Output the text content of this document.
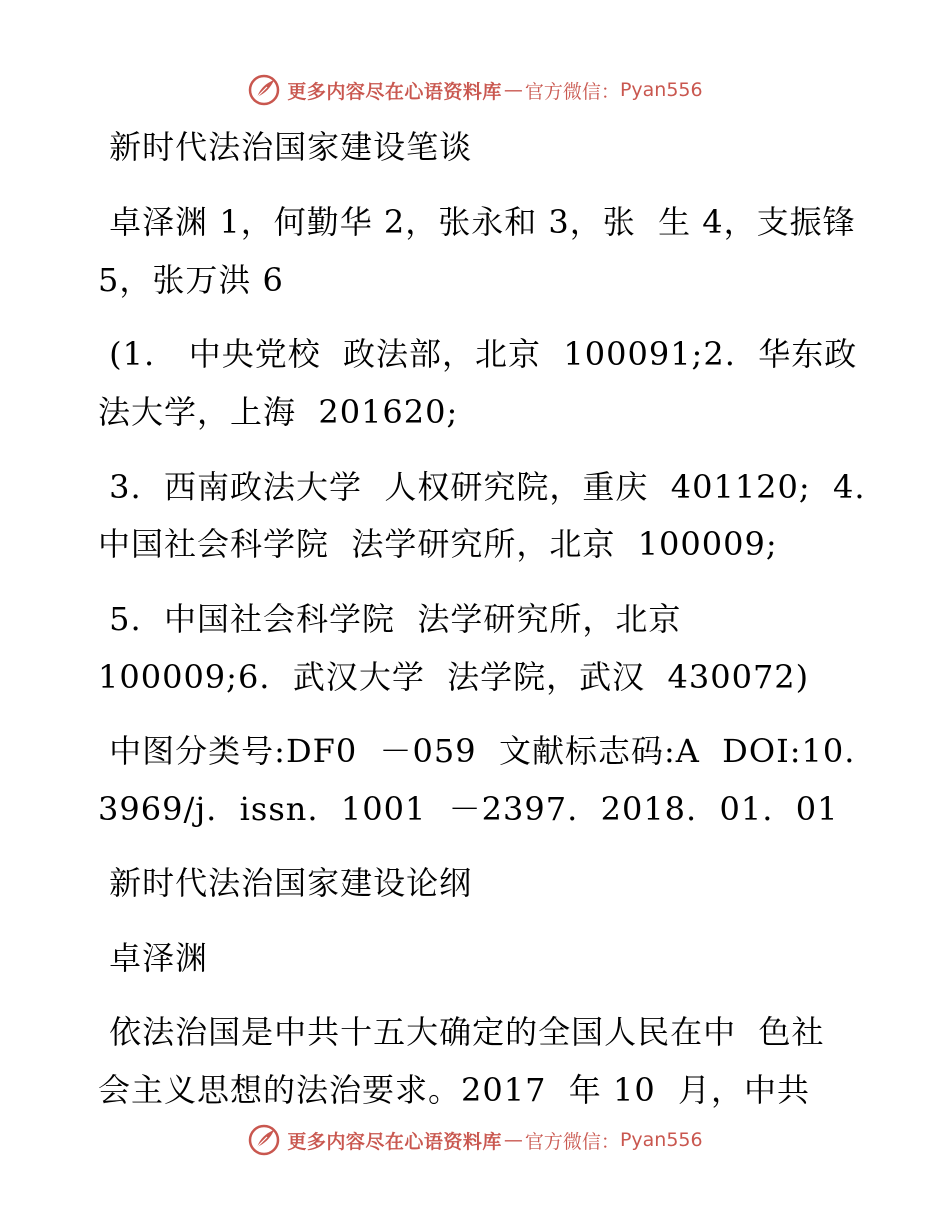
更多内容尽在心语资料库 — 官方微信： Pyan556
新时代法治国家建设笔谈
卓泽渊 1，何勤华 2，张永和 3，张  生 4，支振锋
5，张万洪 6
(1.   中央党校  政法部，北京  100091;2.  华东政
法大学，上海  201620;
3.  西南政法大学  人权研究院，重庆  401120;  4.
中国社会科学院  法学研究所，北京  100009;
5.  中国社会科学院  法学研究所，北京
100009;6.  武汉大学  法学院，武汉  430072)
中图分类号:DF0  －059  文献标志码:A  DOI:10.
3969/j.  issn.  1001  －2397.  2018.  01.  01
新时代法治国家建设论纲
卓泽渊
依法治国是中共十五大确定的全国人民在中  色社
会主义思想的法治要求。2017  年 10  月，中共
更多内容尽在心语资料库 — 官方微信： Pyan556
